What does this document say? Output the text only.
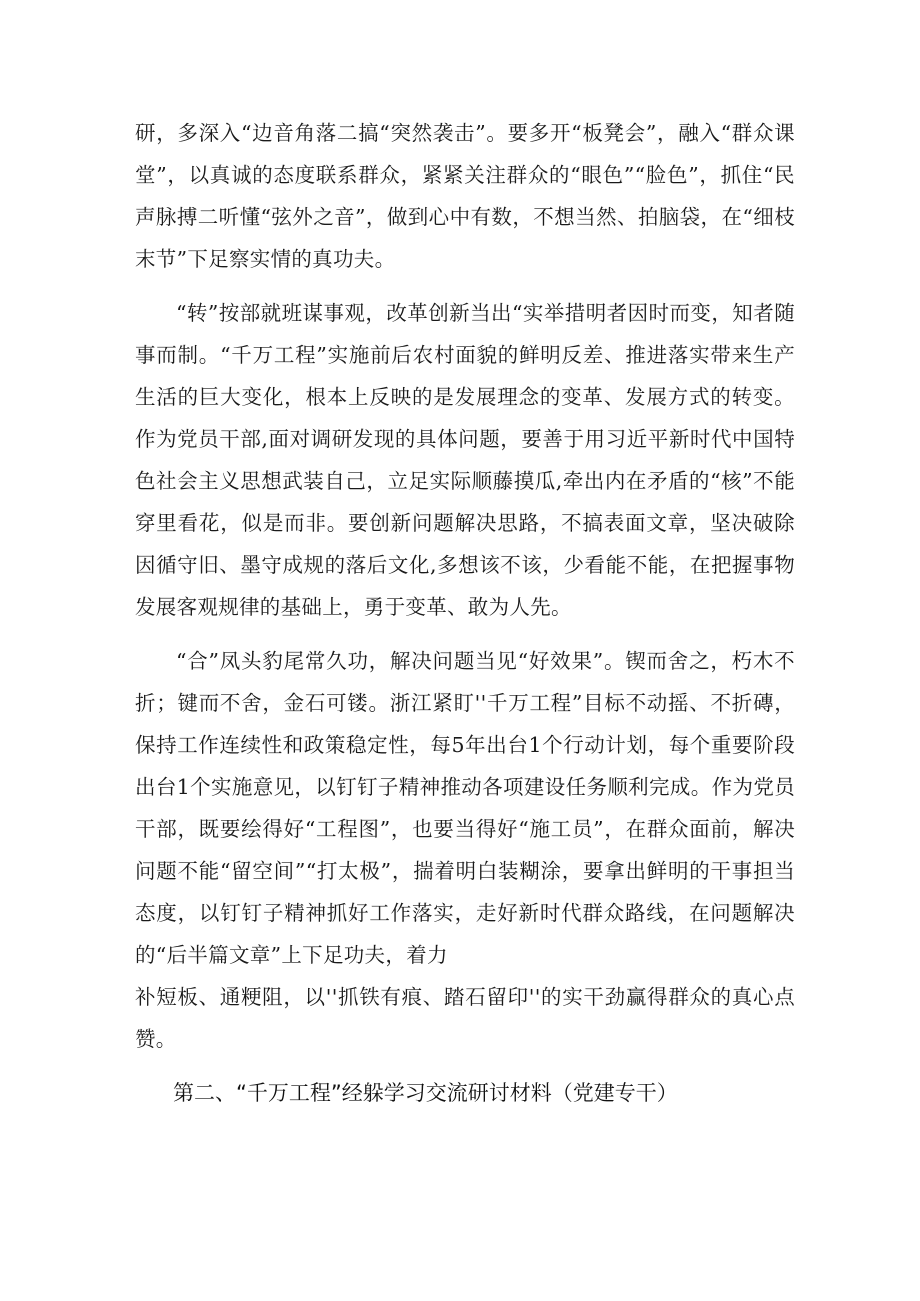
研，多深入“边音角落二搞“突然袭击”。要多开“板凳会”，融入“群众课堂”，以真诚的态度联系群众，紧紧关注群众的“眼色”“脸色”，抓住“民声脉搏二听懂“弦外之音”，做到心中有数，不想当然、拍脑袋，在“细枝末节”下足察实情的真功夫。

“转”按部就班谋事观，改革创新当出“实举措明者因时而变，知者随事而制。“千万工程”实施前后农村面貌的鲜明反差、推进落实带来生产生活的巨大变化，根本上反映的是发展理念的变革、发展方式的转变。作为党员干部,面对调研发现的具体问题，要善于用习近平新时代中国特色社会主义思想武装自己，立足实际顺藤摸瓜,牵出内在矛盾的“核”不能穿里看花，似是而非。要创新问题解决思路，不搞表面文章，坚决破除因循守旧、墨守成规的落后文化,多想该不该，少看能不能，在把握事物发展客观规律的基础上，勇于变革、敢为人先。

“合”凤头豹尾常久功，解决问题当见“好效果”。锲而舍之，朽木不折；键而不舍，金石可镂。浙江紧盯''千万工程”目标不动摇、不折磚，保持工作连续性和政策稳定性，每5年出台1个行动计划，每个重要阶段出台1个实施意见，以钉钉子精神推动各项建设任务顺利完成。作为党员干部，既要绘得好“工程图”，也要当得好“施工员”，在群众面前，解决问题不能“留空间”“打太极”，揣着明白装糊涂，要拿出鲜明的干事担当态度，以钉钉子精神抓好工作落实，走好新时代群众路线，在问题解决的“后半篇文章”上下足功夫，着力

补短板、通粳阻，以''抓铁有痕、踏石留印''的实干劲赢得群众的真心点赞。

第二、“千万工程”经躲学习交流研讨材料（党建专干）
